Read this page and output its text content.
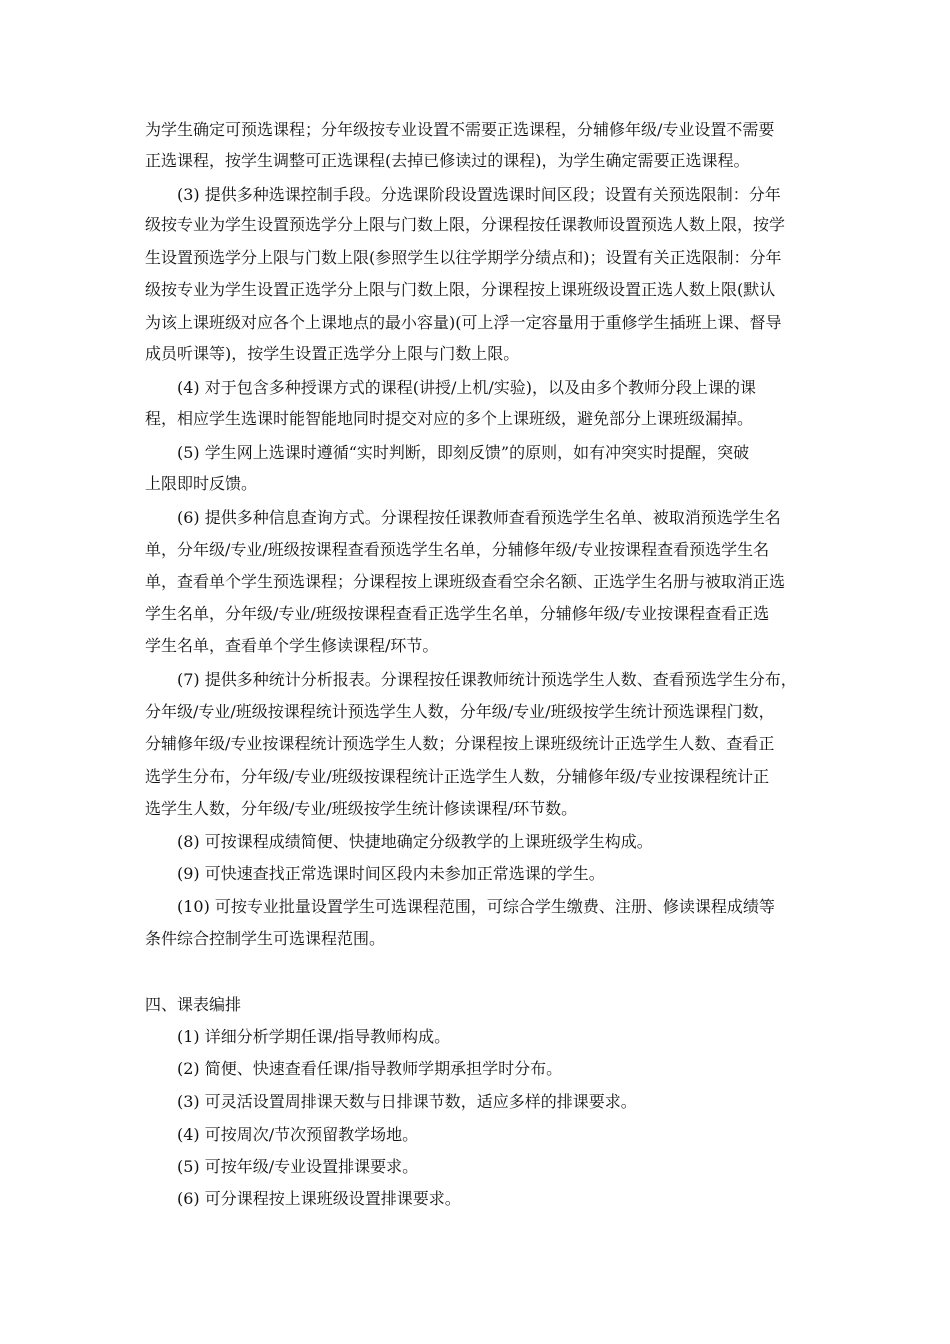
为学生确定可预选课程；分年级按专业设置不需要正选课程，分辅修年级/专业设置不需要
正选课程，按学生调整可正选课程(去掉已修读过的课程)，为学生确定需要正选课程。
(3) 提供多种选课控制手段。分选课阶段设置选课时间区段；设置有关预选限制：分年
级按专业为学生设置预选学分上限与门数上限，分课程按任课教师设置预选人数上限，按学
生设置预选学分上限与门数上限(参照学生以往学期学分绩点和)；设置有关正选限制：分年
级按专业为学生设置正选学分上限与门数上限，分课程按上课班级设置正选人数上限(默认
为该上课班级对应各个上课地点的最小容量)(可上浮一定容量用于重修学生插班上课、督导
成员听课等)，按学生设置正选学分上限与门数上限。
(4) 对于包含多种授课方式的课程(讲授/上机/实验)，以及由多个教师分段上课的课
程，相应学生选课时能智能地同时提交对应的多个上课班级，避免部分上课班级漏掉。
(5) 学生网上选课时遵循“实时判断，即刻反馈”的原则，如有冲突实时提醒，突破
上限即时反馈。
(6) 提供多种信息查询方式。分课程按任课教师查看预选学生名单、被取消预选学生名
单，分年级/专业/班级按课程查看预选学生名单，分辅修年级/专业按课程查看预选学生名
单，查看单个学生预选课程；分课程按上课班级查看空余名额、正选学生名册与被取消正选
学生名单，分年级/专业/班级按课程查看正选学生名单，分辅修年级/专业按课程查看正选
学生名单，查看单个学生修读课程/环节。
(7) 提供多种统计分析报表。分课程按任课教师统计预选学生人数、查看预选学生分布，
分年级/专业/班级按课程统计预选学生人数，分年级/专业/班级按学生统计预选课程门数，
分辅修年级/专业按课程统计预选学生人数；分课程按上课班级统计正选学生人数、查看正
选学生分布，分年级/专业/班级按课程统计正选学生人数，分辅修年级/专业按课程统计正
选学生人数，分年级/专业/班级按学生统计修读课程/环节数。
(8) 可按课程成绩简便、快捷地确定分级教学的上课班级学生构成。
(9) 可快速查找正常选课时间区段内未参加正常选课的学生。
(10) 可按专业批量设置学生可选课程范围，可综合学生缴费、注册、修读课程成绩等
条件综合控制学生可选课程范围。
四、课表编排
(1) 详细分析学期任课/指导教师构成。
(2) 简便、快速查看任课/指导教师学期承担学时分布。
(3) 可灵活设置周排课天数与日排课节数，适应多样的排课要求。
(4) 可按周次/节次预留教学场地。
(5) 可按年级/专业设置排课要求。
(6) 可分课程按上课班级设置排课要求。
